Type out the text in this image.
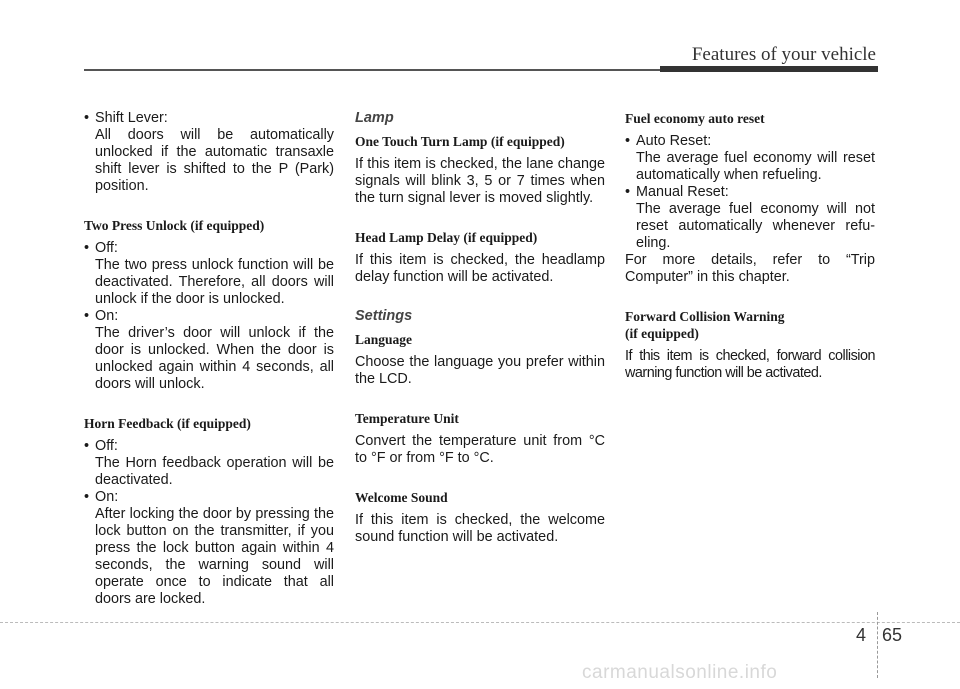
Features of your vehicle

• Shift Lever:

All doors will be automatically unlocked if the automatic transaxle shift lever is shifted to the P (Park) position.

Two Press Unlock (if equipped)

• Off:

The two press unlock function will be deactivated. Therefore, all doors will unlock if the door is unlocked.

• On:

The driver’s door will unlock if the door is unlocked. When the door is unlocked again within 4 seconds, all doors will unlock.

Horn Feedback (if equipped)

• Off:

The Horn feedback operation will be deactivated.

• On:

After locking the door by pressing the lock button on the transmitter, if you press the lock button again within 4 seconds, the warning sound will operate once to indicate that all doors are locked.

Lamp

One Touch Turn Lamp (if equipped)

If this item is checked, the lane change signals will blink 3, 5 or 7 times when the turn signal lever is moved slightly.

Head Lamp Delay (if equipped)

If this item is checked, the headlamp delay function will be activated.

Settings

Language

Choose the language you prefer within the LCD.

Temperature Unit

Convert the temperature unit from °C to °F or from °F to °C.

Welcome Sound

If this item is checked, the welcome sound function will be activated.

Fuel economy auto reset

• Auto Reset:

The average fuel economy will reset automatically when refueling.

• Manual Reset:

The average fuel economy will not reset automatically whenever refu-eling.

For more details, refer to “Trip Computer” in this chapter.

Forward Collision Warning

(if equipped)

If this item is checked, forward collision warning function will be activated.

4 65
carmanualsonline.info
